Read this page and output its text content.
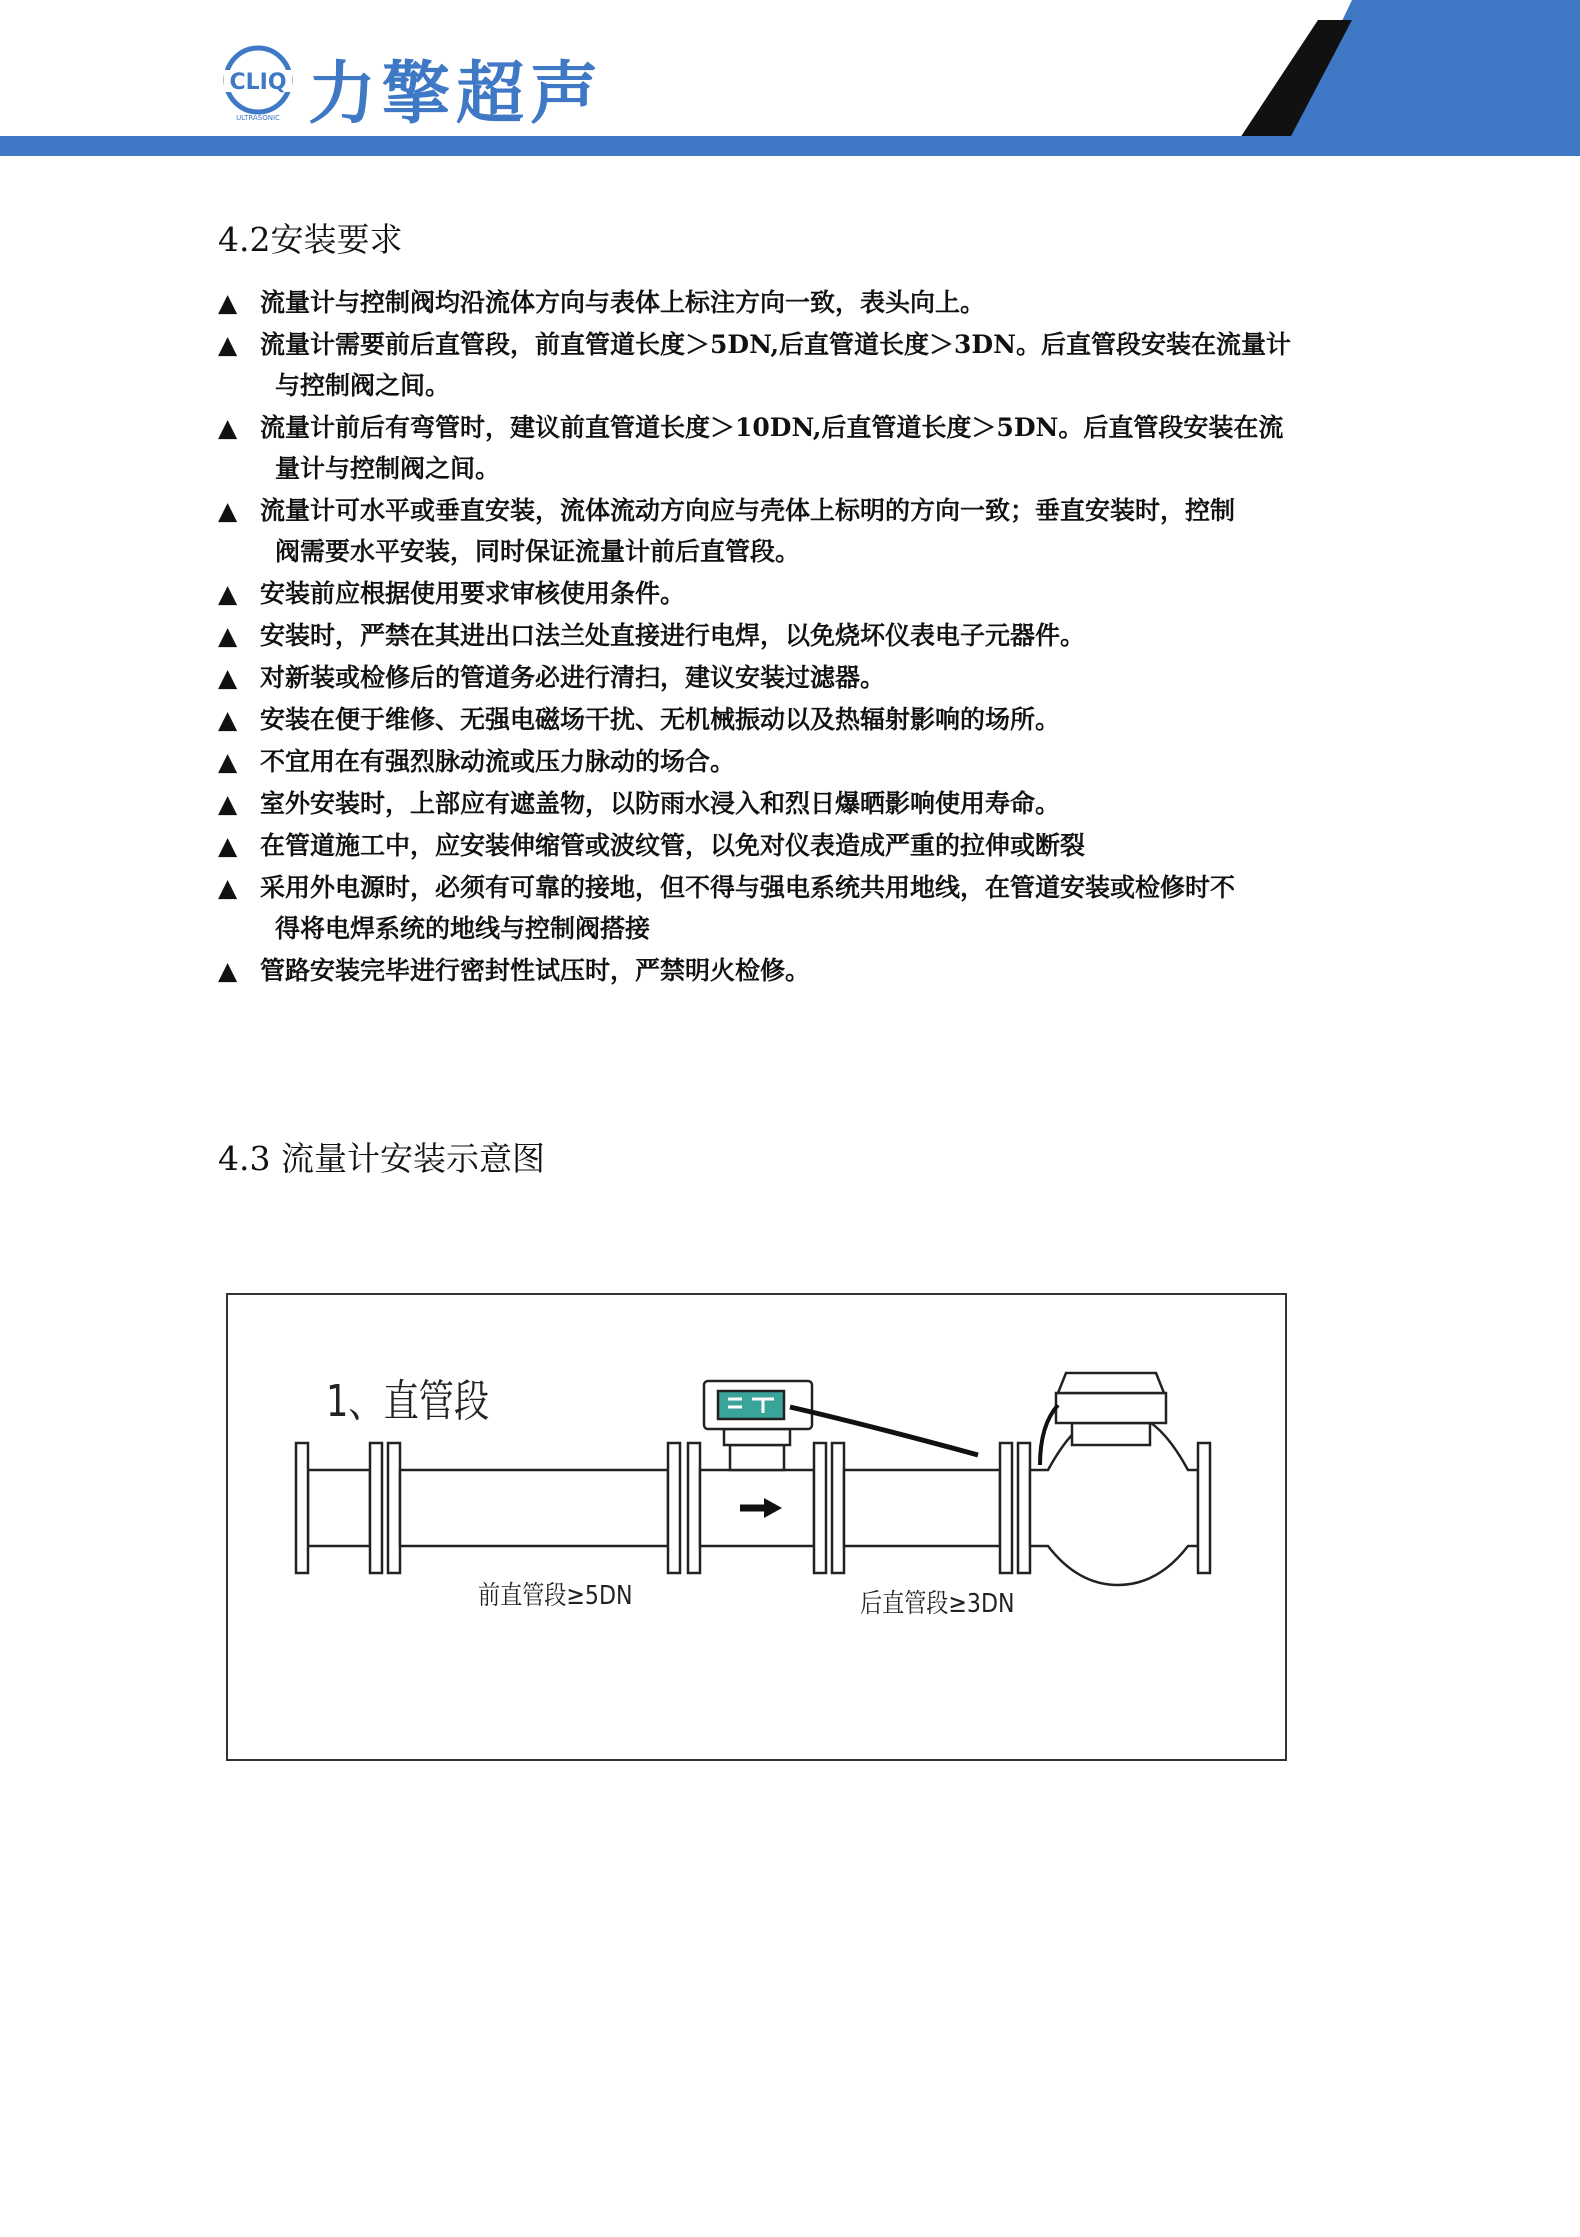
CLIQ
ULTRASONIC 力擎超声
4.2安装要求
▲ 流量计与控制阀均沿流体方向与表体上标注方向一致，表头向上。
▲ 流量计需要前后直管段，前直管道长度＞5DN,后直管道长度＞3DN。后直管段安装在流量计
与控制阀之间。
▲ 流量计前后有弯管时，建议前直管道长度＞10DN,后直管道长度＞5DN。后直管段安装在流
量计与控制阀之间。
▲ 流量计可水平或垂直安装，流体流动方向应与壳体上标明的方向一致；垂直安装时，控制
阀需要水平安装，同时保证流量计前后直管段。
▲ 安装前应根据使用要求审核使用条件。
▲ 安装时，严禁在其进出口法兰处直接进行电焊，以免烧坏仪表电子元器件。
▲ 对新装或检修后的管道务必进行清扫，建议安装过滤器。
▲ 安装在便于维修、无强电磁场干扰、无机械振动以及热辐射影响的场所。
▲ 不宜用在有强烈脉动流或压力脉动的场合。
▲ 室外安装时，上部应有遮盖物，以防雨水浸入和烈日爆晒影响使用寿命。
▲ 在管道施工中，应安装伸缩管或波纹管，以免对仪表造成严重的拉伸或断裂
▲ 采用外电源时，必须有可靠的接地，但不得与强电系统共用地线，在管道安装或检修时不
得将电焊系统的地线与控制阀搭接
▲ 管路安装完毕进行密封性试压时，严禁明火检修。
4.3 流量计安装示意图
1、直管段
前直管段≥5DN	后直管段≥3DN
